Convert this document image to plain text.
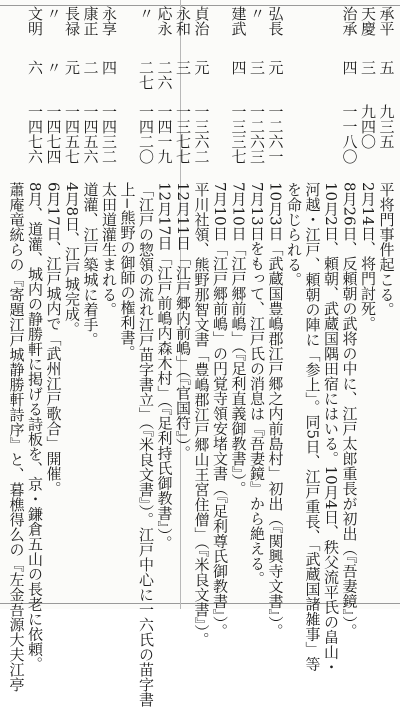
承平
五
九三五
平将門事件起こる。
天慶
三
九四〇
2月14日、将門討死。
治承
四
一一八〇
8月26日、反頼朝の武将の中に、江戸太郎重長が初出（『吾妻鏡』）。
10月2日、頼朝、武蔵国隅田宿にはいる。10月4日、秩父流平氏の畠山・
河越・江戸、頼朝の陣に「参上」。同5日、江戸重長、「武蔵国諸雑事」等
を命じられる。
弘長
元
一二六一
10月3日「武蔵国豊嶋郡江戸郷之内前島村」初出（『関興寺文書』）。
〃
三
一二六三
7月13日をもって、江戸氏の消息は『吾妻鏡』から絶える。
建武
四
一三三七
7月10日「江戸郷前嶋」（『足利直義御教書』）。
7月10日「江戸郷前嶋」の円覚寺領安堵文書（『足利尊氏御教書』）。
貞治
元
一三六二
平川社領、熊野那智文書「豊嶋郡江戸郷山王宮住僧」（『米良文書』）。
永和
三
一三七七
12月11日「江戸郷内前嶋」（『官国符』）。
応永
二六
一四一九
12月17日「江戸前嶋内森木村」（『足利持氏御教書』）。
〃
二七
一四二〇
「江戸の惣領の流れ江戸苗字書立」（『米良文書』）。江戸中心に一六氏の苗字書
上−熊野の御師の権利書。
永享
四
一四三二
太田道灌生まれる。
康正
二
一四五六
道灌、江戸築城に着手。
長禄
元
一四五七
4月8日、江戸城完成。
〃
〃
一四七四
6月17日、江戸城内で「武州江戸歌合」開催。
文明
六
一四七六
8月、道灌、城内の静勝軒に掲げる詩板を、京・鎌倉五山の長老に依頼。
蕭庵竜統らの『寄題江戸城静勝軒詩序』と、暮樵得么の『左金吾源大夫江亭
